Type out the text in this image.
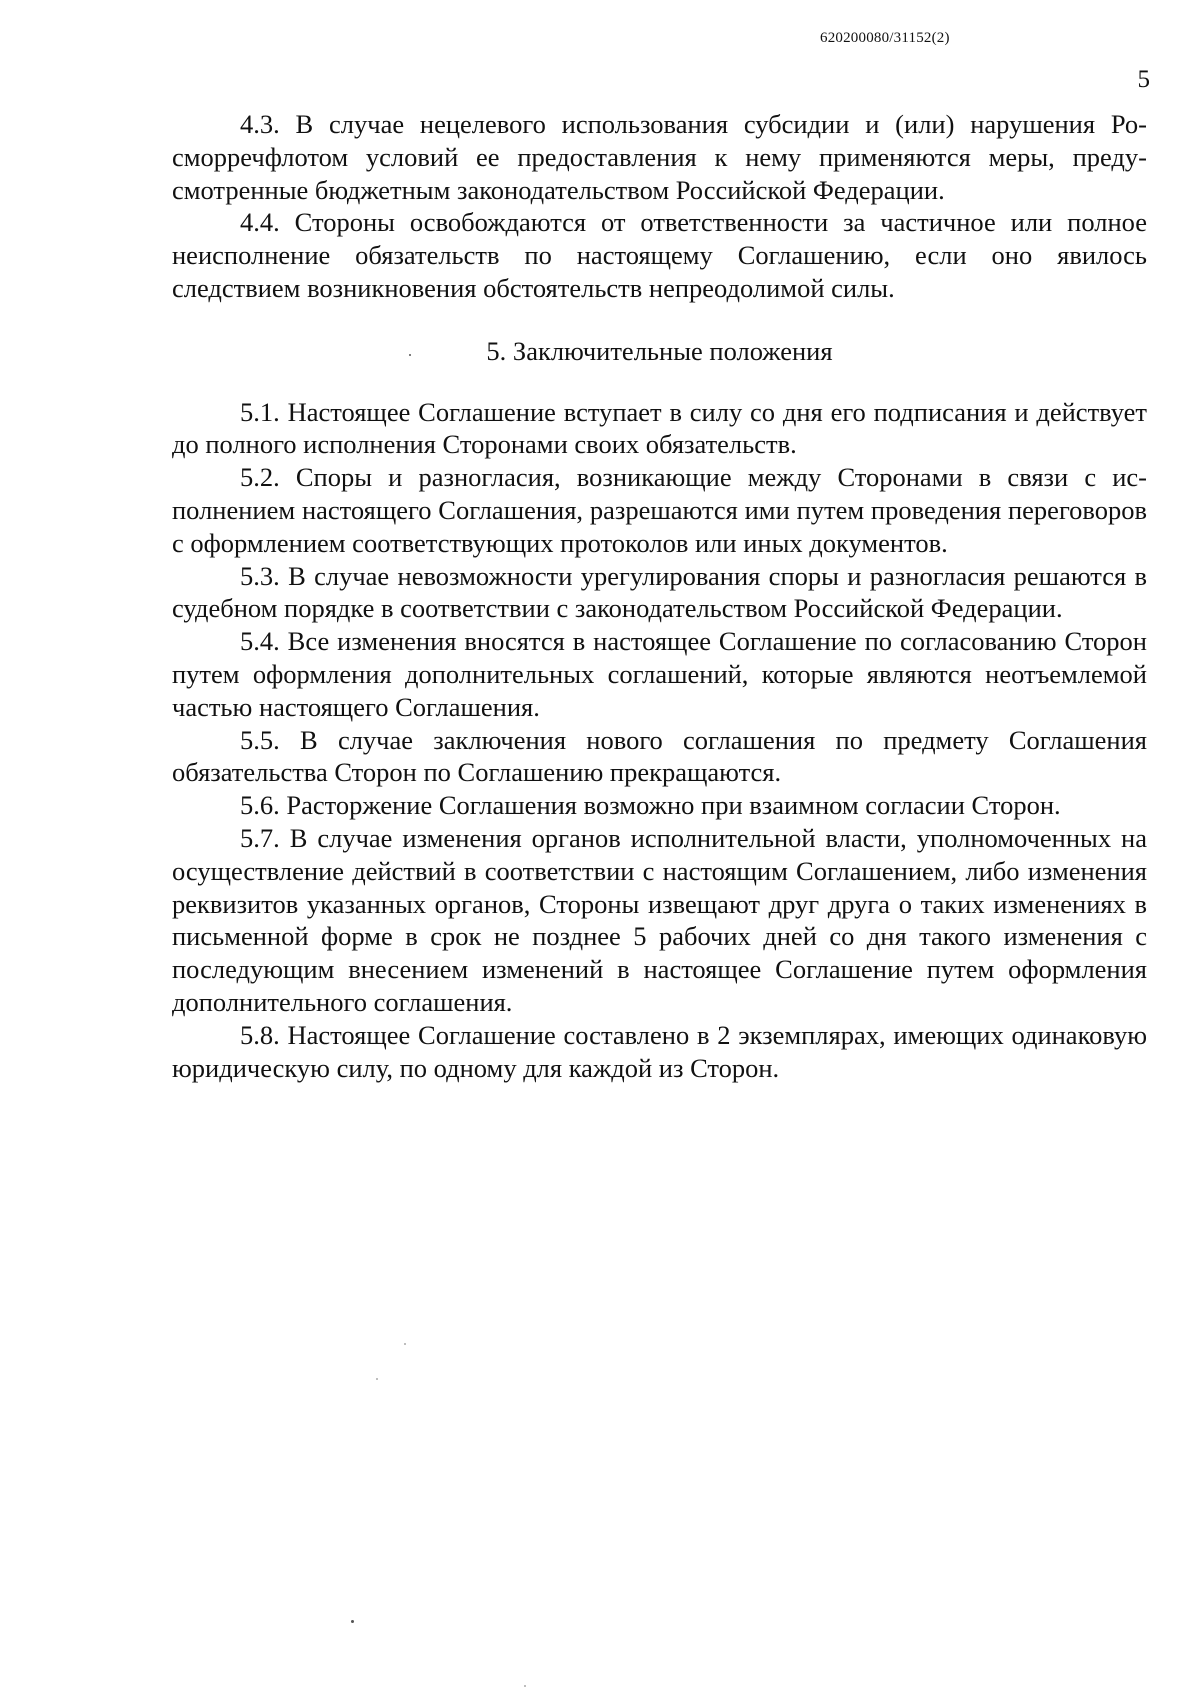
620200080/31152(2)
5

4.3. В случае нецелевого использования субсидии и (или) нарушения Росморречфлотом условий ее предоставления к нему применяются меры, предусмотренные бюджетным законодательством Российской Федерации.

4.4. Стороны освобождаются от ответственности за частичное или полное неисполнение обязательств по настоящему Соглашению, если оно явилось следствием возникновения обстоятельств непреодолимой силы.

5. Заключительные положения

5.1. Настоящее Соглашение вступает в силу со дня его подписания и действует до полного исполнения Сторонами своих обязательств.

5.2. Споры и разногласия, возникающие между Сторонами в связи с исполнением настоящего Соглашения, разрешаются ими путем проведения переговоров с оформлением соответствующих протоколов или иных документов.

5.3. В случае невозможности урегулирования споры и разногласия решаются в судебном порядке в соответствии с законодательством Российской Федерации.

5.4. Все изменения вносятся в настоящее Соглашение по согласованию Сторон путем оформления дополнительных соглашений, которые являются неотъемлемой частью настоящего Соглашения.

5.5. В случае заключения нового соглашения по предмету Соглашения обязательства Сторон по Соглашению прекращаются.

5.6. Расторжение Соглашения возможно при взаимном согласии Сторон.

5.7. В случае изменения органов исполнительной власти, уполномоченных на осуществление действий в соответствии с настоящим Соглашением, либо изменения реквизитов указанных органов, Стороны извещают друг друга о таких изменениях в письменной форме в срок не позднее 5 рабочих дней со дня такого изменения с последующим внесением изменений в настоящее Соглашение путем оформления дополнительного соглашения.

5.8. Настоящее Соглашение составлено в 2 экземплярах, имеющих одинаковую юридическую силу, по одному для каждой из Сторон.
